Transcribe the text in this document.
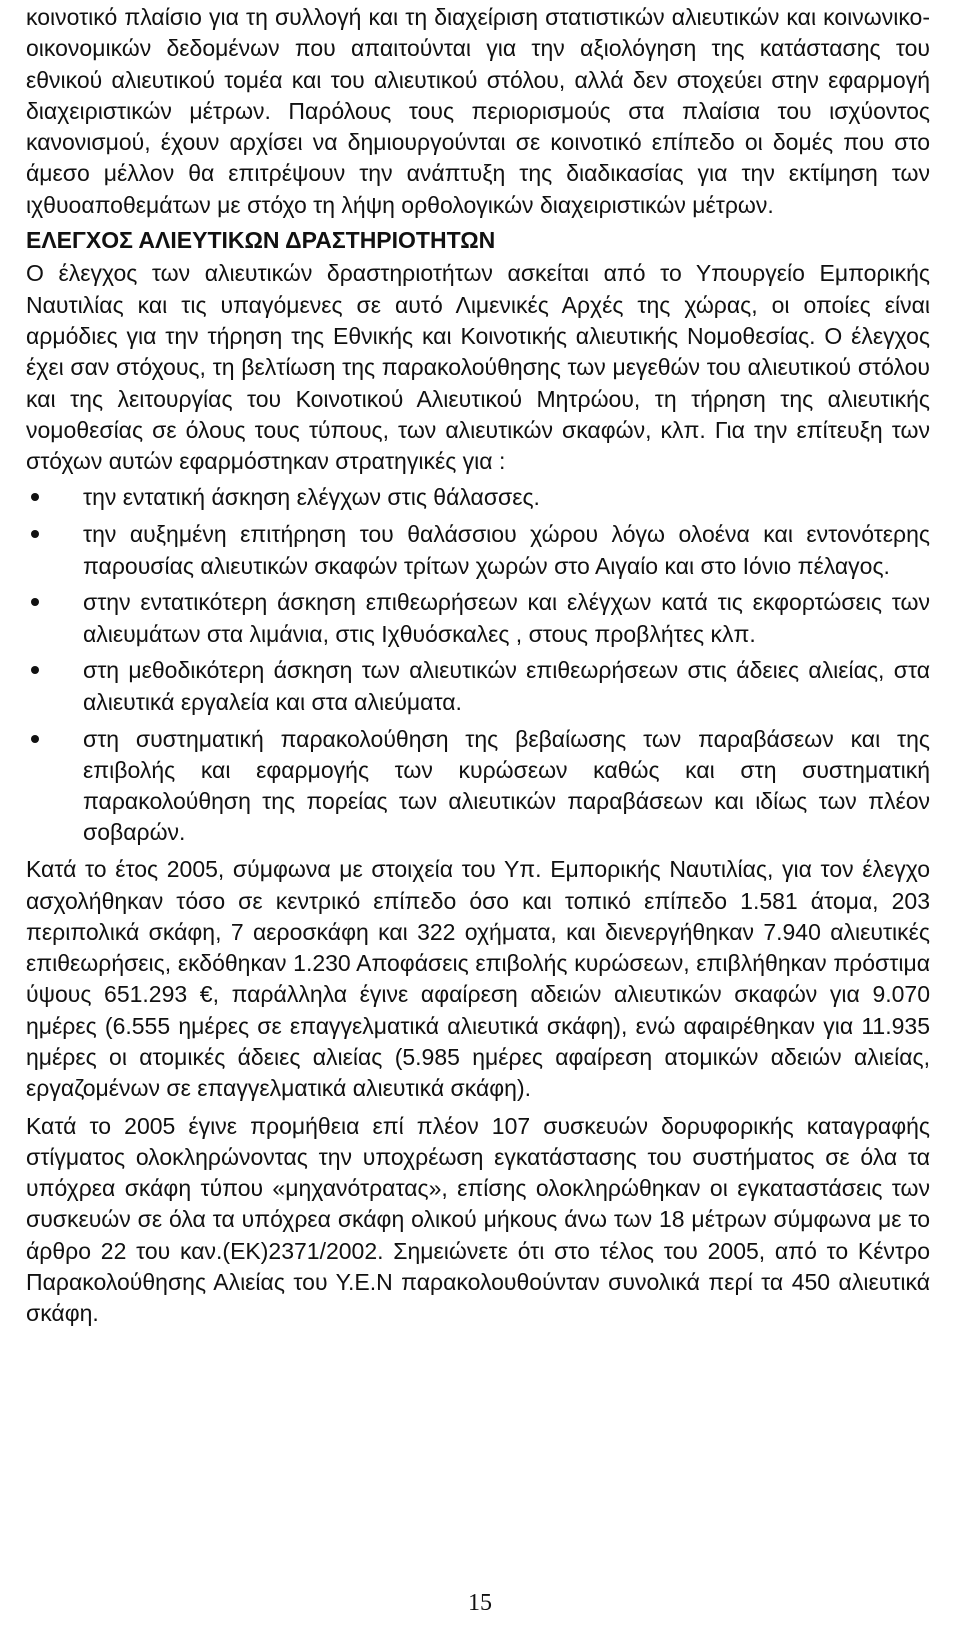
κοινοτικό πλαίσιο για τη συλλογή και τη διαχείριση στατιστικών αλιευτικών και κοινωνικο-οικονομικών δεδομένων που απαιτούνται για την αξιολόγηση της κατάστασης του εθνικού αλιευτικού τομέα και του αλιευτικού στόλου, αλλά δεν στοχεύει στην εφαρμογή διαχειριστικών μέτρων. Παρόλους τους περιορισμούς στα πλαίσια του ισχύοντος κανονισμού, έχουν αρχίσει να δημιουργούνται σε κοινοτικό επίπεδο οι δομές που στο άμεσο μέλλον θα επιτρέψουν την ανάπτυξη της διαδικασίας για την εκτίμηση των ιχθυοαποθεμάτων με στόχο τη λήψη ορθολογικών διαχειριστικών μέτρων.

ΕΛΕΓΧΟΣ ΑΛΙΕΥΤΙΚΩΝ ΔΡΑΣΤΗΡΙΟΤΗΤΩΝ

Ο έλεγχος των αλιευτικών δραστηριοτήτων ασκείται από το Υπουργείο Εμπορικής Ναυτιλίας και τις υπαγόμενες σε αυτό Λιμενικές Αρχές της χώρας, οι οποίες είναι αρμόδιες για την τήρηση της Εθνικής και Κοινοτικής αλιευτικής Νομοθεσίας. Ο έλεγχος έχει σαν στόχους, τη βελτίωση της παρακολούθησης των μεγεθών του αλιευτικού στόλου και της λειτουργίας του Κοινοτικού Αλιευτικού Μητρώου, τη τήρηση της αλιευτικής νομοθεσίας σε όλους τους τύπους, των αλιευτικών σκαφών, κλπ. Για την επίτευξη των στόχων αυτών εφαρμόστηκαν στρατηγικές για :

την εντατική άσκηση ελέγχων στις θάλασσες.
την αυξημένη επιτήρηση του θαλάσσιου χώρου λόγω ολοένα και εντονότερης παρουσίας αλιευτικών σκαφών τρίτων χωρών στο Αιγαίο και στο Ιόνιο πέλαγος.
στην εντατικότερη άσκηση επιθεωρήσεων και ελέγχων κατά τις εκφορτώσεις των αλιευμάτων στα λιμάνια, στις Ιχθυόσκαλες , στους προβλήτες κλπ.
στη μεθοδικότερη άσκηση των αλιευτικών επιθεωρήσεων στις άδειες αλιείας, στα αλιευτικά εργαλεία και στα αλιεύματα.
στη συστηματική παρακολούθηση της βεβαίωσης των παραβάσεων και της επιβολής και εφαρμογής των κυρώσεων καθώς και στη συστηματική παρακολούθηση της πορείας των αλιευτικών παραβάσεων και ιδίως των πλέον σοβαρών.

Κατά το έτος 2005, σύμφωνα με στοιχεία του Υπ. Εμπορικής Ναυτιλίας, για τον έλεγχο ασχολήθηκαν τόσο σε κεντρικό επίπεδο όσο και τοπικό επίπεδο 1.581 άτομα, 203 περιπολικά σκάφη, 7 αεροσκάφη και 322 οχήματα, και διενεργήθηκαν 7.940 αλιευτικές επιθεωρήσεις, εκδόθηκαν 1.230 Αποφάσεις επιβολής κυρώσεων, επιβλήθηκαν πρόστιμα ύψους 651.293 €, παράλληλα έγινε αφαίρεση αδειών αλιευτικών σκαφών για 9.070 ημέρες (6.555 ημέρες σε επαγγελματικά αλιευτικά σκάφη), ενώ αφαιρέθηκαν για 11.935 ημέρες οι ατομικές άδειες αλιείας (5.985 ημέρες αφαίρεση ατομικών αδειών αλιείας, εργαζομένων σε επαγγελματικά αλιευτικά σκάφη).

Κατά το 2005 έγινε προμήθεια επί πλέον 107 συσκευών δορυφορικής καταγραφής στίγματος ολοκληρώνοντας την υποχρέωση εγκατάστασης του συστήματος σε όλα τα υπόχρεα σκάφη τύπου «μηχανότρατας», επίσης ολοκληρώθηκαν οι εγκαταστάσεις των συσκευών σε όλα τα υπόχρεα σκάφη ολικού μήκους άνω των 18 μέτρων σύμφωνα με το άρθρο 22 του καν.(ΕΚ)2371/2002. Σημειώνετε ότι στο τέλος του 2005, από το Κέντρο Παρακολούθησης Αλιείας του Υ.Ε.Ν παρακολουθούνταν συνολικά περί τα 450 αλιευτικά σκάφη.

15
